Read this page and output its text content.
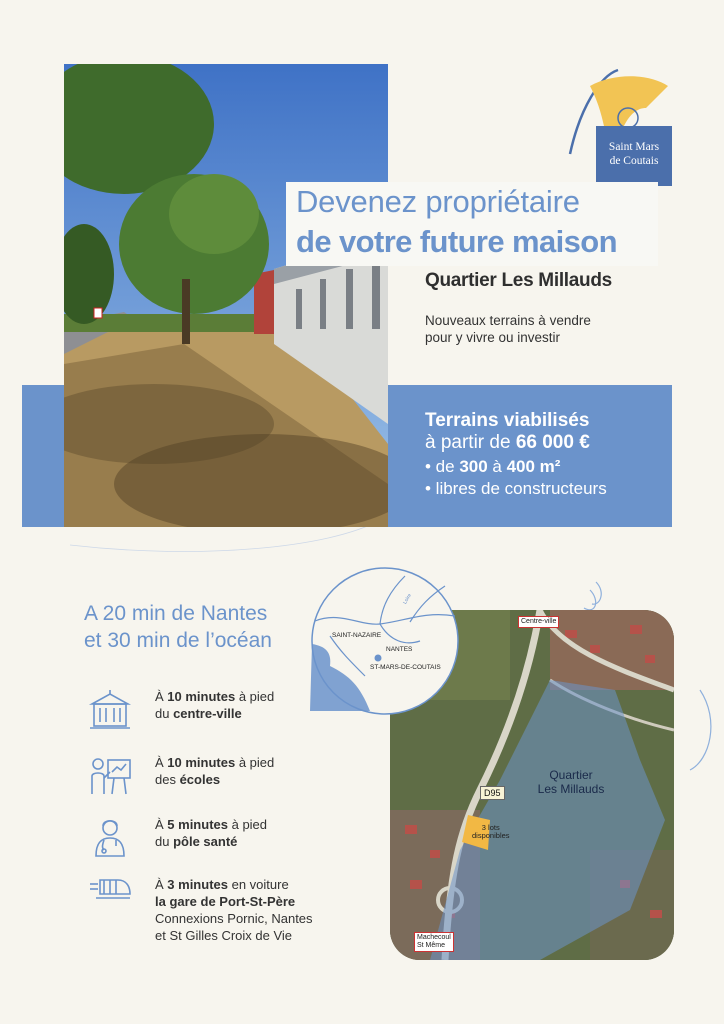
Saint Mars
de Coutais
Devenez propriétaire
de votre future maison
Quartier Les Millauds
Nouveaux terrains à vendre
pour y vivre ou investir
Terrains viabilisés
à partir de 66 000 €
• de 300 à 400 m²
• libres de constructeurs
A 20 min de Nantes
et 30 min de l’océan
À 10 minutes à pied
du centre-ville
À 10 minutes à pied
des écoles
À 5 minutes à pied
du pôle santé
À 3 minutes en voiture
la gare de Port-St-Père
Connexions Pornic, Nantes
et St Gilles Croix de Vie
Centre-ville
D95
Quartier
Les Millauds
3 lots
disponibles
Machecoul
St Même
SAINT-NAZAIRE
NANTES
ST-MARS-DE-COUTAIS
Loire
